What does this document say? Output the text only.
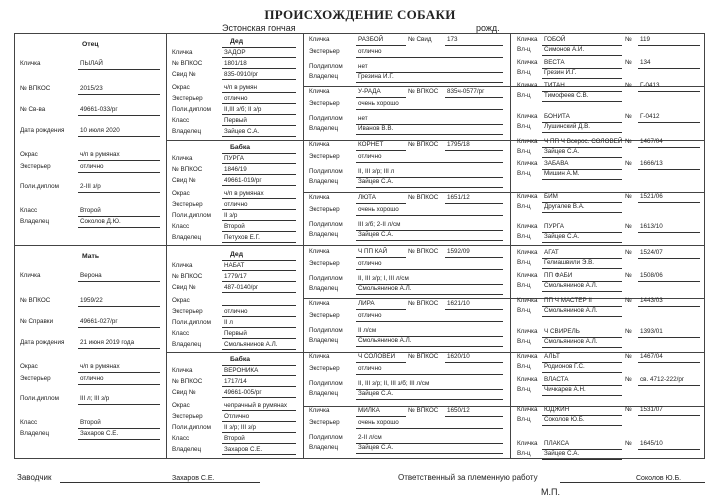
ПРОИСХОЖДЕНИЕ СОБАКИ
Эстонская гончая	рожд.
Отец
Кличка	ПЫЛАЙ
№ ВПКОС	2015/23
№ Св-ва	49661-033/рг
Дата рождения 10 июля 2020
Окрас	ч/п в румянах
Экстерьер	отлично
Поли.диплом	2-III з/р
Класс	Второй
Владелец	Соколов Д.Ю.
Мать
Кличка	Верона
№ ВПКОС	1959/22
№ Справки	49661-027/рг
Дата рождения 21 июня 2019 года
Окрас	ч/п в румянах
Экстерьер	отлично
Поли.диплом	III л; III з/р
Класс	Второй
Владелец	Захаров С.Е.
Дед
Кличка	ЗАДОР
№ ВПКОС	1801/18
Свид №	835-0910/рг
Окрас	ч/п в румян
Экстерьер	отлично
Поли.диплом II,III з/б; II з/р
Класс	Первый
Владелец	Зайцев С.А.
Бабка
Кличка	ПУРГА
№ ВПКОС	1846/19
Свид №	49661-019/рг
Окрас	ч/п в румянах
Экстерьер	отлично
Поли.диплом II з/р
Класс	Второй
Владелец	Петухов Е.Г.
Дед
Кличка	НАБАТ
№ ВПКОС	1779/17
Свид №	487-0140/рг
Окрас
Экстерьер	отлично
Поли.диплом II л
Класс	Первый
Владелец	Смольянинов А.Л.
Бабка
Кличка	ВЕРОНИКА
№ ВПКОС	1717/14
Свид №	49661-005/рг
Окрас	чепрачный в румянах
Экстерьер	Отлично
Поли.диплом II з/р; III з/р
Класс	Второй
Владелец	Захаров С.Е.
Кличка	РАЗБОЙ	№ Свид 173
Экстерьер	отлично
Полдиплом нет
Владелец	Грезина И.Г.
Кличка	У-РАДА	№ ВПКОС 835ч-0577/рг
Экстерьер	очень хорошо
Полдиплом нет
Владелец	Иванов В.В.
Кличка	КОРНЕТ	№ ВПКОС 1795/18
Экстерьер	отлично
Полдиплом II, III з/р; III л
Владелец	Зайцев С.А.
Кличка	ЛЮТА	№ ВПКОС 1651/12
Экстерьер	очень хорошо
Полдиплом III з/б; 2-II л/см
Владелец	Зайцев С.А.
Кличка	Ч ПП КАЙ	№ ВПКОС 1592/09
Экстерьер	отлично
Полдиплом II, III з/р; I, III л/см
Владелец	Смольянинов А.Л.
Кличка	ЛИРА	№ ВПКОС 1621/10
Экстерьер	отлично
Полдиплом II л/см
Владелец	Смольянинов А.Л.
Кличка	Ч СОЛОВЕЙ № ВПКОС 1620/10
Экстерьер	отлично
Полдиплом II, III з/р; II, III з/б; III л/см
Владелец	Зайцев С.А.
Кличка	МИЛКА	№ ВПКОС 1650/12
Экстерьер	очень хорошо
Полдиплом 2-II л/см
Владелец	Зайцев С.А.
Кличка ГОБОЙ	№ 119
Вл-ц Симонов А.И.
Кличка ВЕСТА	№ 134
Вл-ц Грезин И.Г.
Кличка ТИТАН	№ Г-0413
Вл-ц Тимофеев С.В.
Кличка БОНИТА	№ Г-0412
Вл-ц Лушинский Д.В.
Кличка Ч ПП Ч Всерос. СОЛОВЕЙ № 1467/04
Вл-ц Зайцев С.А.
Кличка ЗАБАВА	№ 1666/13
Вл-ц Мишин А.М.
Кличка БИМ	№ 1521/06
Вл-ц Другалев В.А.
Кличка ПУРГА	№ 1613/10
Вл-ц Зайцев С.А.
Кличка АГАТ	№ 1524/07
Вл-ц Гелиашвили Э.В.
Кличка ПП ФАБИ	№ 1508/06
Вл-ц Смольянинов А.Л.
Кличка ПП Ч МАСТЕР II	№ 1443/03
Вл-ц Смольянинов А.Л.
Кличка Ч СВИРЕЛЬ	№ 1393/01
Вл-ц Смольянинов А.Л.
Кличка АЛЬТ	№ 1467/04
Вл-ц Родионов Г.С.
Кличка ВЛАСТА	№ св. 4712-222/рг
Вл-ц Чичкарев А.Н.
Кличка ЮДЖИН	№ 1531/07
Вл-ц Соколов Ю.Б.
Кличка ПЛАКСА	№ 1645/10
Вл-ц Зайцев С.А.
Заводчик	Захаров С.Е.	Ответственный за племенную работу	Соколов Ю.Б.
М.П.
